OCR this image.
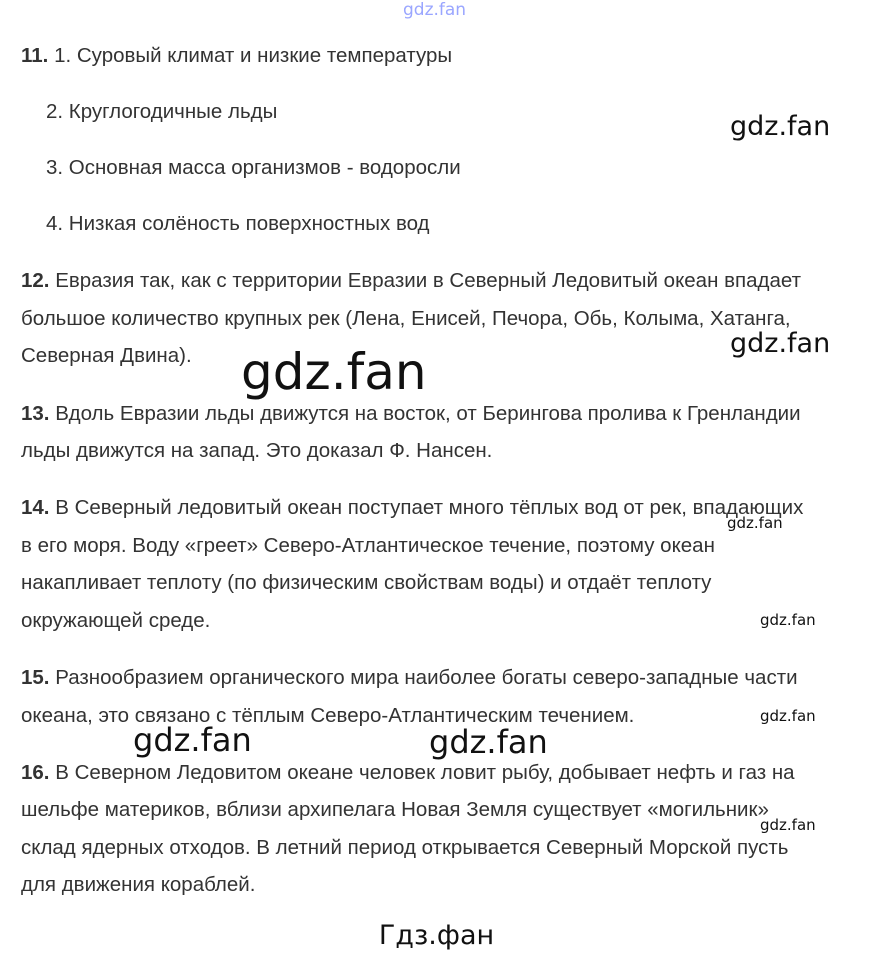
gdz.fan
11. 1. Суровый климат и низкие температуры
2. Круглогодичные льды
3. Основная масса организмов - водоросли
4. Низкая солёность поверхностных вод
gdz.fan
12. Евразия так, как с территории Евразии в Северный Ледовитый океан впадает
большое количество крупных рек (Лена, Енисей, Печора, Обь, Колыма, Хатанга,
Северная Двина).	gdz.fan
gdz.fan
13. Вдоль Евразии льды движутся на восток, от Берингова пролива к Гренландии
льды движутся на запад. Это доказал Ф. Нансен.
14. В Северный ледовитый океан поступает много тёплых вод от рек, впадающих
в его моря. Воду «греет» Северо-Атлантическое течение, поэтому океан
накапливает теплоту (по физическим свойствам воды) и отдаёт теплоту
окружающей среде.
gdz.fan
gdz.fan
15. Разнообразием органического мира наиболее богаты северо-западные части
океана, это связано с тёплым Северо-Атлантическим течением.	gdz.fan
gdz.fan	gdz.fan
16. В Северном Ледовитом океане человек ловит рыбу, добывает нефть и газ на
шельфе материков, вблизи архипелага Новая Земля существует «могильник»
склад ядерных отходов. В летний период открывается Северный Морской пусть
для движения кораблей.
gdz.fan
Гдз.фан
